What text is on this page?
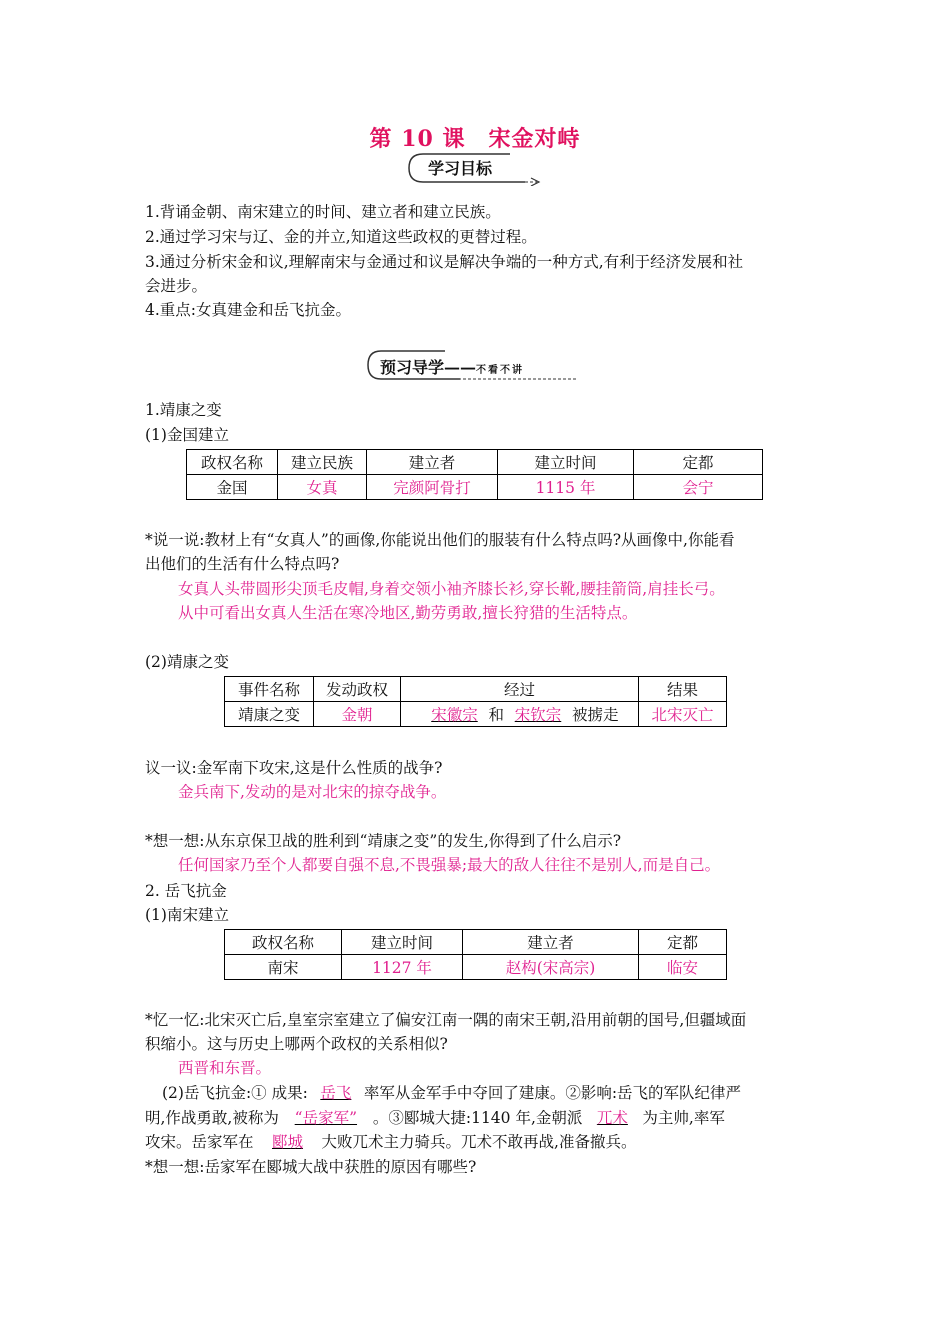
第 10 课　宋金对峙
学习目标
1.背诵金朝、南宋建立的时间、建立者和建立民族。
2.通过学习宋与辽、金的并立,知道这些政权的更替过程。
3.通过分析宋金和议,理解南宋与金通过和议是解决争端的一种方式,有利于经济发展和社
会进步。
4.重点:女真建金和岳飞抗金。
预习导学——不看不讲
1.靖康之变
(1)金国建立
政权名称	建立民族	建立者	建立时间	定都
金国	女真	完颜阿骨打	1115 年	会宁
*说一说:教材上有“女真人”的画像,你能说出他们的服装有什么特点吗?从画像中,你能看
出他们的生活有什么特点吗?
女真人头带圆形尖顶毛皮帽,身着交领小袖齐膝长衫,穿长靴,腰挂箭筒,肩挂长弓。
从中可看出女真人生活在寒冷地区,勤劳勇敢,擅长狩猎的生活特点。
(2)靖康之变
事件名称	发动政权	经过	结果
靖康之变	金朝	宋徽宗 和 宋钦宗 被掳走	北宋灭亡
议一议:金军南下攻宋,这是什么性质的战争?
金兵南下,发动的是对北宋的掠夺战争。
*想一想:从东京保卫战的胜利到“靖康之变”的发生,你得到了什么启示?
任何国家乃至个人都要自强不息,不畏强暴;最大的敌人往往不是别人,而是自己。
2. 岳飞抗金
(1)南宋建立
政权名称	建立时间	建立者	定都
南宋	1127 年	赵构(宋高宗)	临安
*忆一忆:北宋灭亡后,皇室宗室建立了偏安江南一隅的南宋王朝,沿用前朝的国号,但疆域面
积缩小。这与历史上哪两个政权的关系相似?
西晋和东晋。
(2)岳飞抗金:① 成果: 岳飞 率军从金军手中夺回了建康。②影响:岳飞的军队纪律严
明,作战勇敢,被称为 “岳家军” 。③郾城大捷:1140 年,金朝派 兀术 为主帅,率军
攻宋。岳家军在 郾城 大败兀术主力骑兵。兀术不敢再战,准备撤兵。
*想一想:岳家军在郾城大战中获胜的原因有哪些?
